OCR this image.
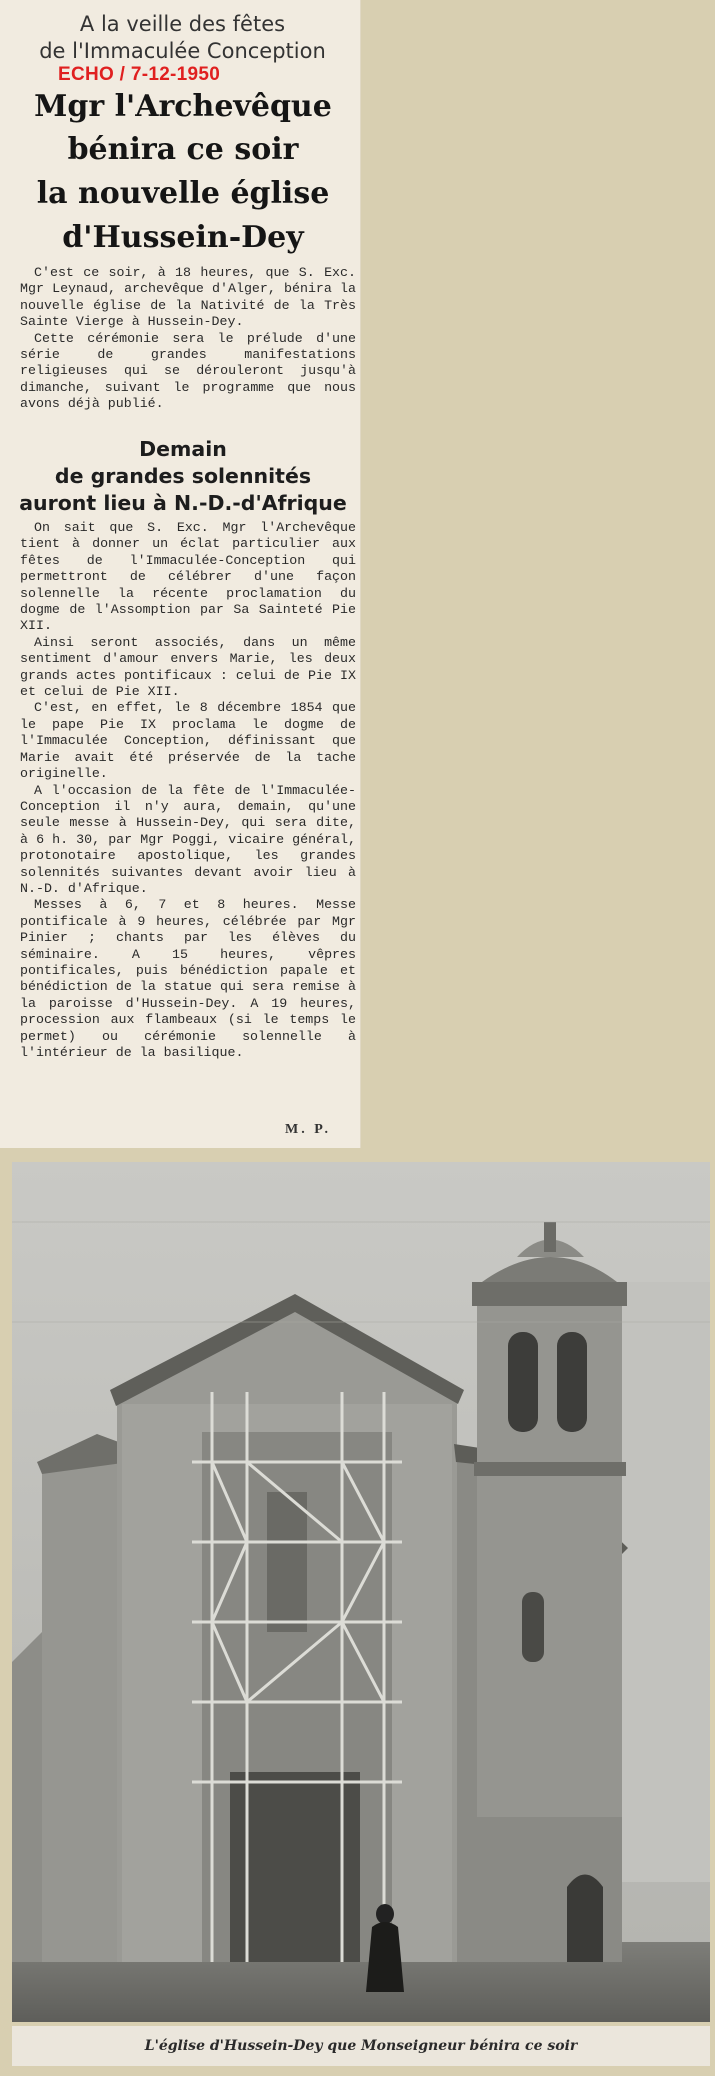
A la veille des fêtes
de l'Immaculée Conception
ECHO / 7-12-1950
Mgr l'Archevêque
bénira ce soir
la nouvelle église
d'Hussein-Dey

C'est ce soir, à 18 heures, que S. Exc. Mgr Leynaud, archevêque d'Alger, bénira la nouvelle église de la Nativité de la Très Sainte Vierge à Hussein-Dey.

Cette cérémonie sera le prélude d'une série de grandes manifestations religieuses qui se dérouleront jusqu'à dimanche, suivant le programme que nous avons déjà publié.

Demain
de grandes solennités
auront lieu à N.-D.-d'Afrique

On sait que S. Exc. Mgr l'Archevêque tient à donner un éclat particulier aux fêtes de l'Immaculée-Conception qui permettront de célébrer d'une façon solennelle la récente proclamation du dogme de l'Assomption par Sa Sainteté Pie XII.

Ainsi seront associés, dans un même sentiment d'amour envers Marie, les deux grands actes pontificaux : celui de Pie IX et celui de Pie XII.

C'est, en effet, le 8 décembre 1854 que le pape Pie IX proclama le dogme de l'Immaculée Conception, définissant que Marie avait été préservée de la tache originelle.

A l'occasion de la fête de l'Immaculée-Conception il n'y aura, demain, qu'une seule messe à Hussein-Dey, qui sera dite, à 6 h. 30, par Mgr Poggi, vicaire général, protonotaire apostolique, les grandes solennités suivantes devant avoir lieu à N.-D. d'Afrique.

Messes à 6, 7 et 8 heures. Messe pontificale à 9 heures, célébrée par Mgr Pinier ; chants par les élèves du séminaire. A 15 heures, vêpres pontificales, puis bénédiction papale et bénédiction de la statue qui sera remise à la paroisse d'Hussein-Dey. A 19 heures, procession aux flambeaux (si le temps le permet) ou cérémonie solennelle à l'intérieur de la basilique.

M. P.
L'église d'Hussein-Dey que Monseigneur bénira ce soir
